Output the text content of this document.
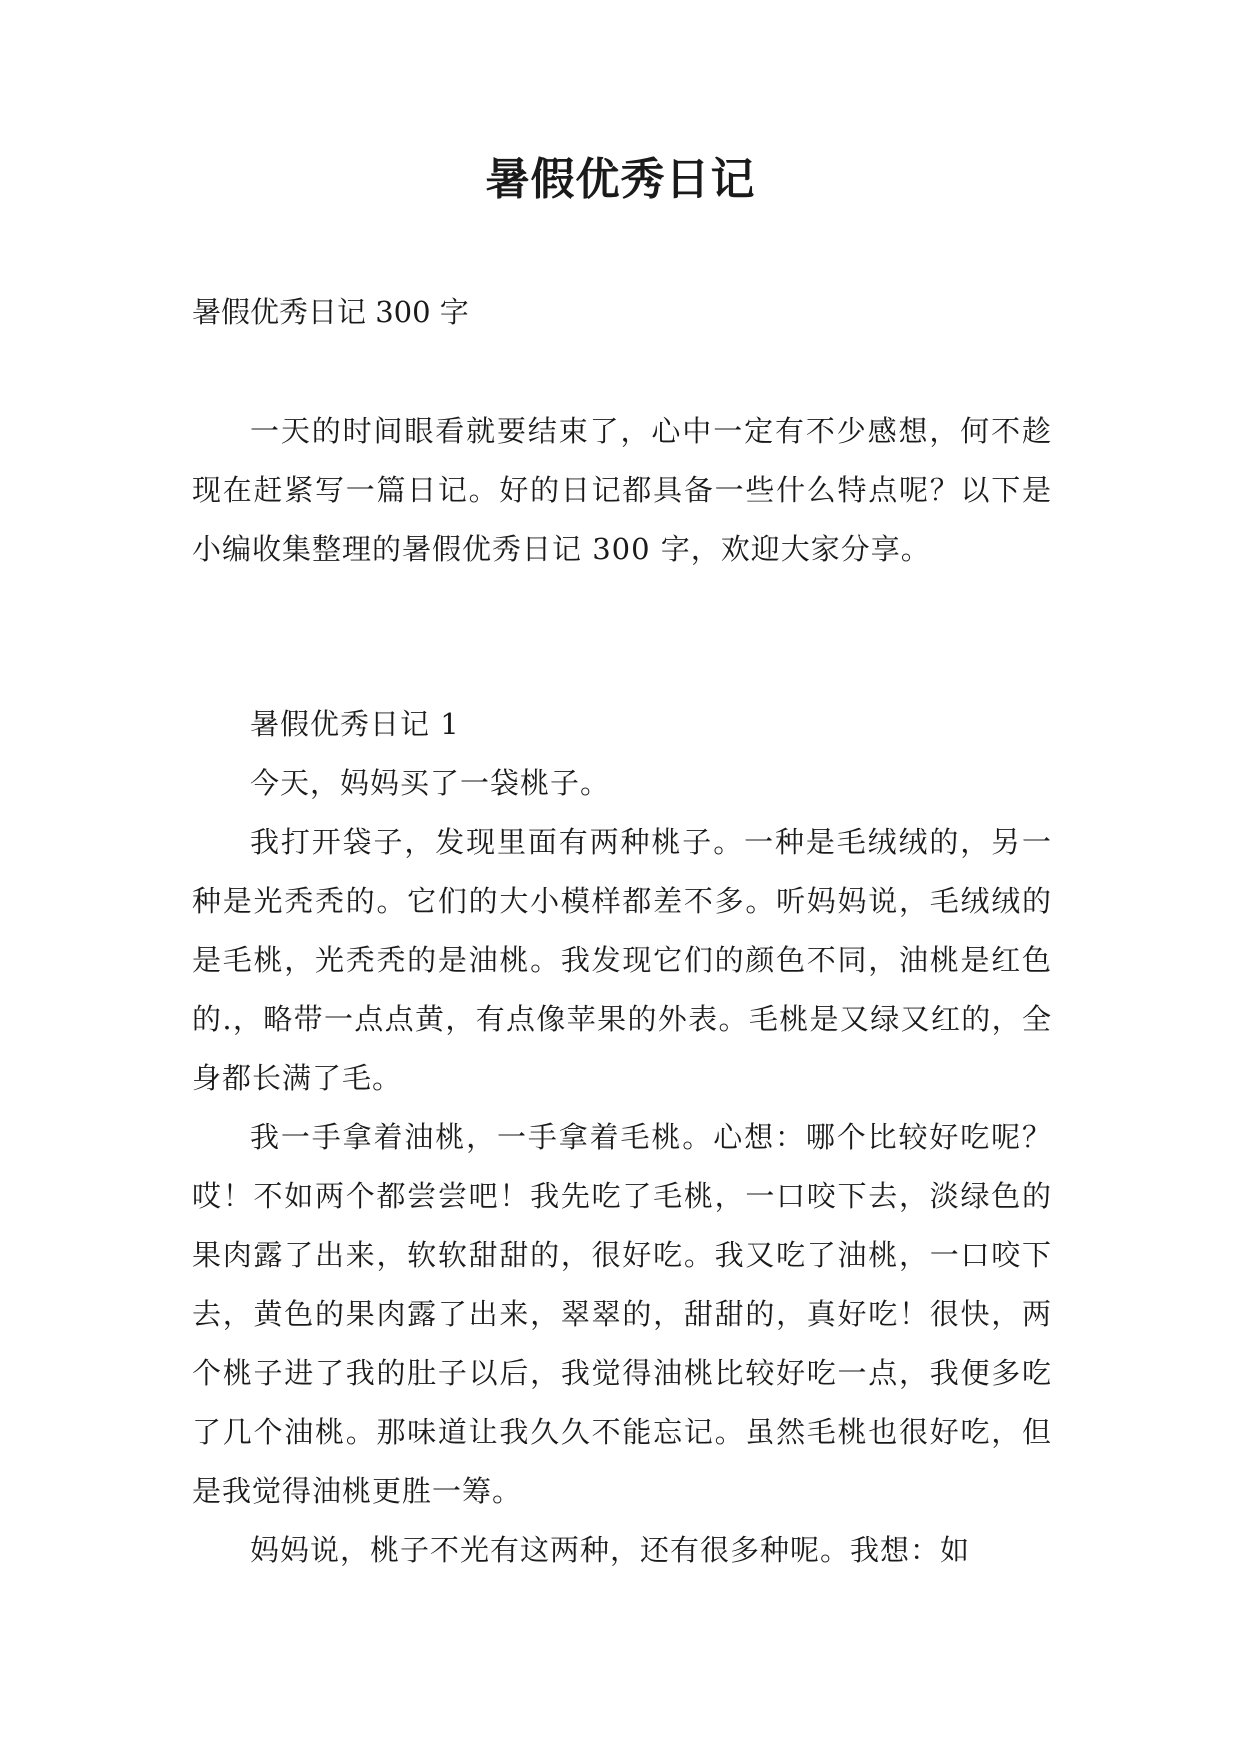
暑假优秀日记
暑假优秀日记 300 字

一天的时间眼看就要结束了，心中一定有不少感想，何不趁现在赶紧写一篇日记。好的日记都具备一些什么特点呢？以下是小编收集整理的暑假优秀日记 300 字，欢迎大家分享。

暑假优秀日记 1

今天，妈妈买了一袋桃子。

我打开袋子，发现里面有两种桃子。一种是毛绒绒的，另一种是光秃秃的。它们的大小模样都差不多。听妈妈说，毛绒绒的是毛桃，光秃秃的是油桃。我发现它们的颜色不同，油桃是红色的.，略带一点点黄，有点像苹果的外表。毛桃是又绿又红的，全身都长满了毛。

我一手拿着油桃，一手拿着毛桃。心想：哪个比较好吃呢？哎！不如两个都尝尝吧！我先吃了毛桃，一口咬下去，淡绿色的果肉露了出来，软软甜甜的，很好吃。我又吃了油桃，一口咬下去，黄色的果肉露了出来，翠翠的，甜甜的，真好吃！很快，两个桃子进了我的肚子以后，我觉得油桃比较好吃一点，我便多吃了几个油桃。那味道让我久久不能忘记。虽然毛桃也很好吃，但是我觉得油桃更胜一筹。

妈妈说，桃子不光有这两种，还有很多种呢。我想：如
